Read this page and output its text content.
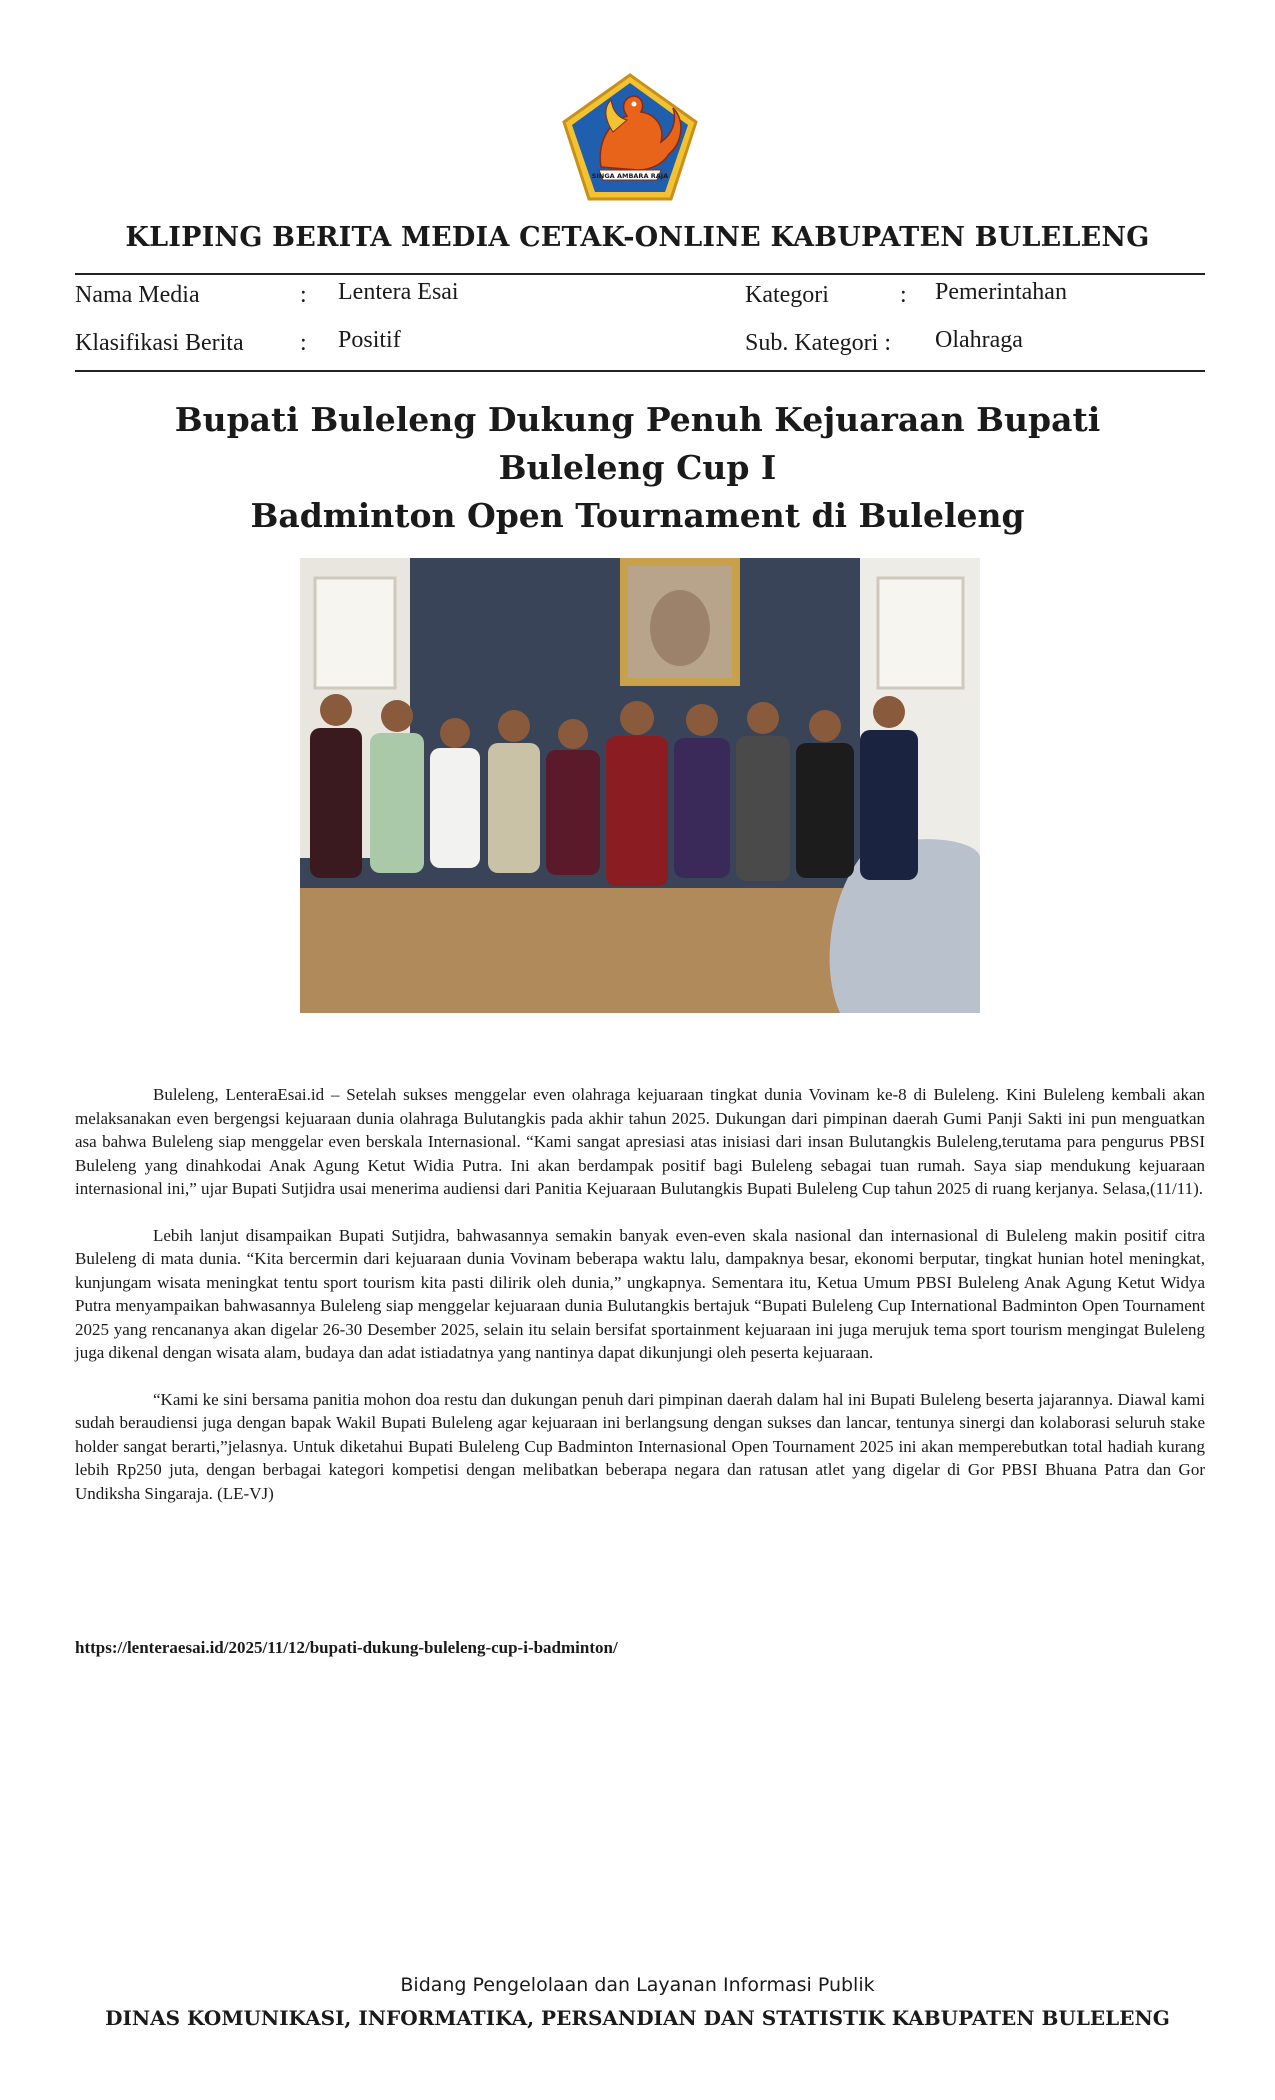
SINGA AMBARA RAJA
KLIPING BERITA MEDIA CETAK-ONLINE KABUPATEN BULELENG
Nama Media	: Lentera Esai	Kategori	: Pemerintahan
Klasifikasi Berita : Positif	Sub. Kategori : Olahraga
Bupati Buleleng Dukung Penuh Kejuaraan Bupati Buleleng Cup I
Badminton Open Tournament di Buleleng

Buleleng, LenteraEsai.id – Setelah sukses menggelar even olahraga kejuaraan tingkat dunia Vovinam ke-8 di Buleleng. Kini Buleleng kembali akan melaksanakan even bergengsi kejuaraan dunia olahraga Bulutangkis pada akhir tahun 2025. Dukungan dari pimpinan daerah Gumi Panji Sakti ini pun menguatkan asa bahwa Buleleng siap menggelar even berskala Internasional. “Kami sangat apresiasi atas inisiasi dari insan Bulutangkis Buleleng,terutama para pengurus PBSI Buleleng yang dinahkodai Anak Agung Ketut Widia Putra. Ini akan berdampak positif bagi Buleleng sebagai tuan rumah. Saya siap mendukung kejuaraan internasional ini,” ujar Bupati Sutjidra usai menerima audiensi dari Panitia Kejuaraan Bulutangkis Bupati Buleleng Cup tahun 2025 di ruang kerjanya. Selasa,(11/11).

Lebih lanjut disampaikan Bupati Sutjidra, bahwasannya semakin banyak even-even skala nasional dan internasional di Buleleng makin positif citra Buleleng di mata dunia. “Kita bercermin dari kejuaraan dunia Vovinam beberapa waktu lalu, dampaknya besar, ekonomi berputar, tingkat hunian hotel meningkat, kunjungam wisata meningkat tentu sport tourism kita pasti dilirik oleh dunia,” ungkapnya. Sementara itu, Ketua Umum PBSI Buleleng Anak Agung Ketut Widya Putra menyampaikan bahwasannya Buleleng siap menggelar kejuaraan dunia Bulutangkis bertajuk “Bupati Buleleng Cup International Badminton Open Tournament 2025 yang rencananya akan digelar 26-30 Desember 2025, selain itu selain bersifat sportainment kejuaraan ini juga merujuk tema sport tourism mengingat Buleleng juga dikenal dengan wisata alam, budaya dan adat istiadatnya yang nantinya dapat dikunjungi oleh peserta kejuaraan.

“Kami ke sini bersama panitia mohon doa restu dan dukungan penuh dari pimpinan daerah dalam hal ini Bupati Buleleng beserta jajarannya. Diawal kami sudah beraudiensi juga dengan bapak Wakil Bupati Buleleng agar kejuaraan ini berlangsung dengan sukses dan lancar, tentunya sinergi dan kolaborasi seluruh stake holder sangat berarti,”jelasnya. Untuk diketahui Bupati Buleleng Cup Badminton Internasional Open Tournament 2025 ini akan memperebutkan total hadiah kurang lebih Rp250 juta, dengan berbagai kategori kompetisi dengan melibatkan beberapa negara dan ratusan atlet yang digelar di Gor PBSI Bhuana Patra dan Gor Undiksha Singaraja. (LE-VJ)

https://lenteraesai.id/2025/11/12/bupati-dukung-buleleng-cup-i-badminton/
Bidang Pengelolaan dan Layanan Informasi Publik
DINAS KOMUNIKASI, INFORMATIKA, PERSANDIAN DAN STATISTIK KABUPATEN BULELENG
